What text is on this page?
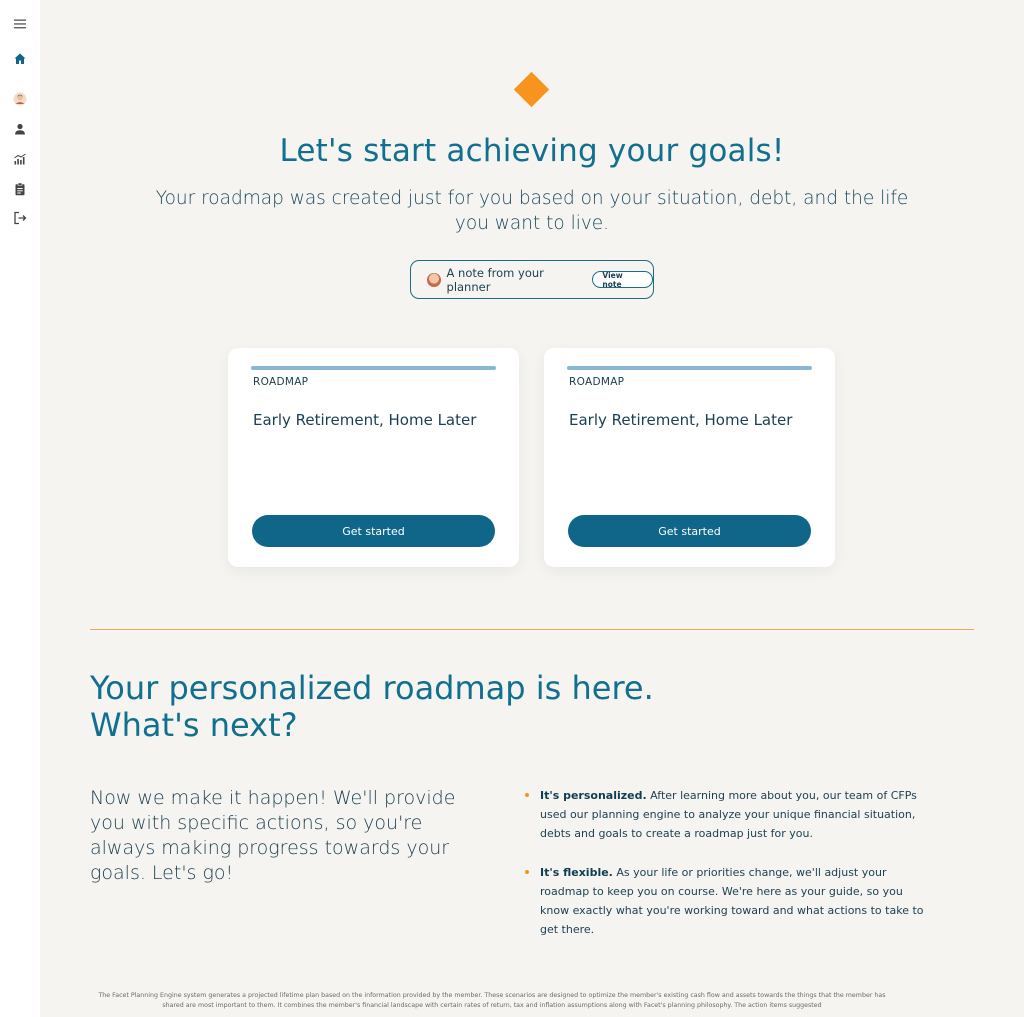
Let's start achieving your goals!

Your roadmap was created just for you based on your situation, debt, and the life you want to live.

A note from your planner
View note
ROADMAP
Early Retirement, Home Later
Get started
ROADMAP
Early Retirement, Home Later
Get started
Your personalized roadmap is here.
What's next?

Now we make it happen! We'll provide you with specific actions, so you're always making progress towards your goals. Let's go!

It's personalized. After learning more about you, our team of CFPs used our planning engine to analyze your unique financial situation, debts and goals to create a roadmap just for you.
It's flexible. As your life or priorities change, we'll adjust your roadmap to keep you on course. We're here as your guide, so you know exactly what you're working toward and what actions to take to get there.

The Facet Planning Engine system generates a projected lifetime plan based on the information provided by the member. These scenarios are designed to optimize the member's existing cash flow and assets towards the things that the member has shared are most important to them. It combines the member's financial landscape with certain rates of return, tax and inflation assumptions along with Facet's planning philosophy. The action items suggested
